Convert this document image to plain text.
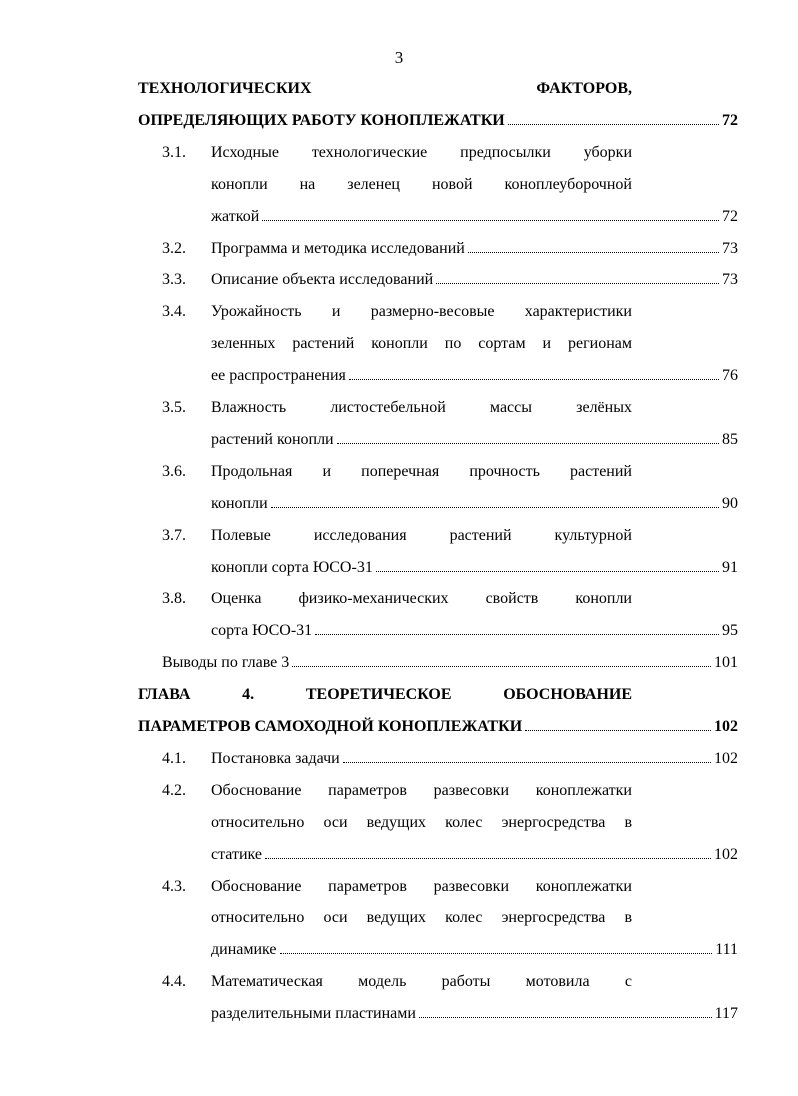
3
ТЕХНОЛОГИЧЕСКИХ	ФАКТОРОВ,
ОПРЕДЕЛЯЮЩИХ РАБОТУ КОНОПЛЕЖАТКИ	72
3.1. Исходные технологические предпосылки уборки
конопли на зеленец новой коноплеуборочной
жаткой	72
3.2. Программа и методика исследований	73
3.3. Описание объекта исследований	73
3.4. Урожайность и размерно-весовые характеристики
зеленных растений конопли по сортам и регионам
ее распространения	76
3.5. Влажность	листостебельной	массы	зелёных
растений конопли	85
3.6. Продольная и поперечная прочность растений
конопли	90
3.7. Полевые	исследования	растений	культурной
конопли сорта ЮСО-31	91
3.8. Оценка физико-механических свойств конопли
сорта ЮСО-31	95
Выводы по главе 3	101
ГЛАВА	4.	ТЕОРЕТИЧЕСКОЕ	ОБОСНОВАНИЕ
ПАРАМЕТРОВ САМОХОДНОЙ КОНОПЛЕЖАТКИ	102
4.1. Постановка задачи	102
4.2. Обоснование параметров развесовки коноплежатки
относительно оси ведущих колес энергосредства в
статике	102
4.3. Обоснование параметров развесовки коноплежатки
относительно оси ведущих колес энергосредства в
динамике	111
4.4. Математическая модель работы мотовила с
разделительными пластинами	117
